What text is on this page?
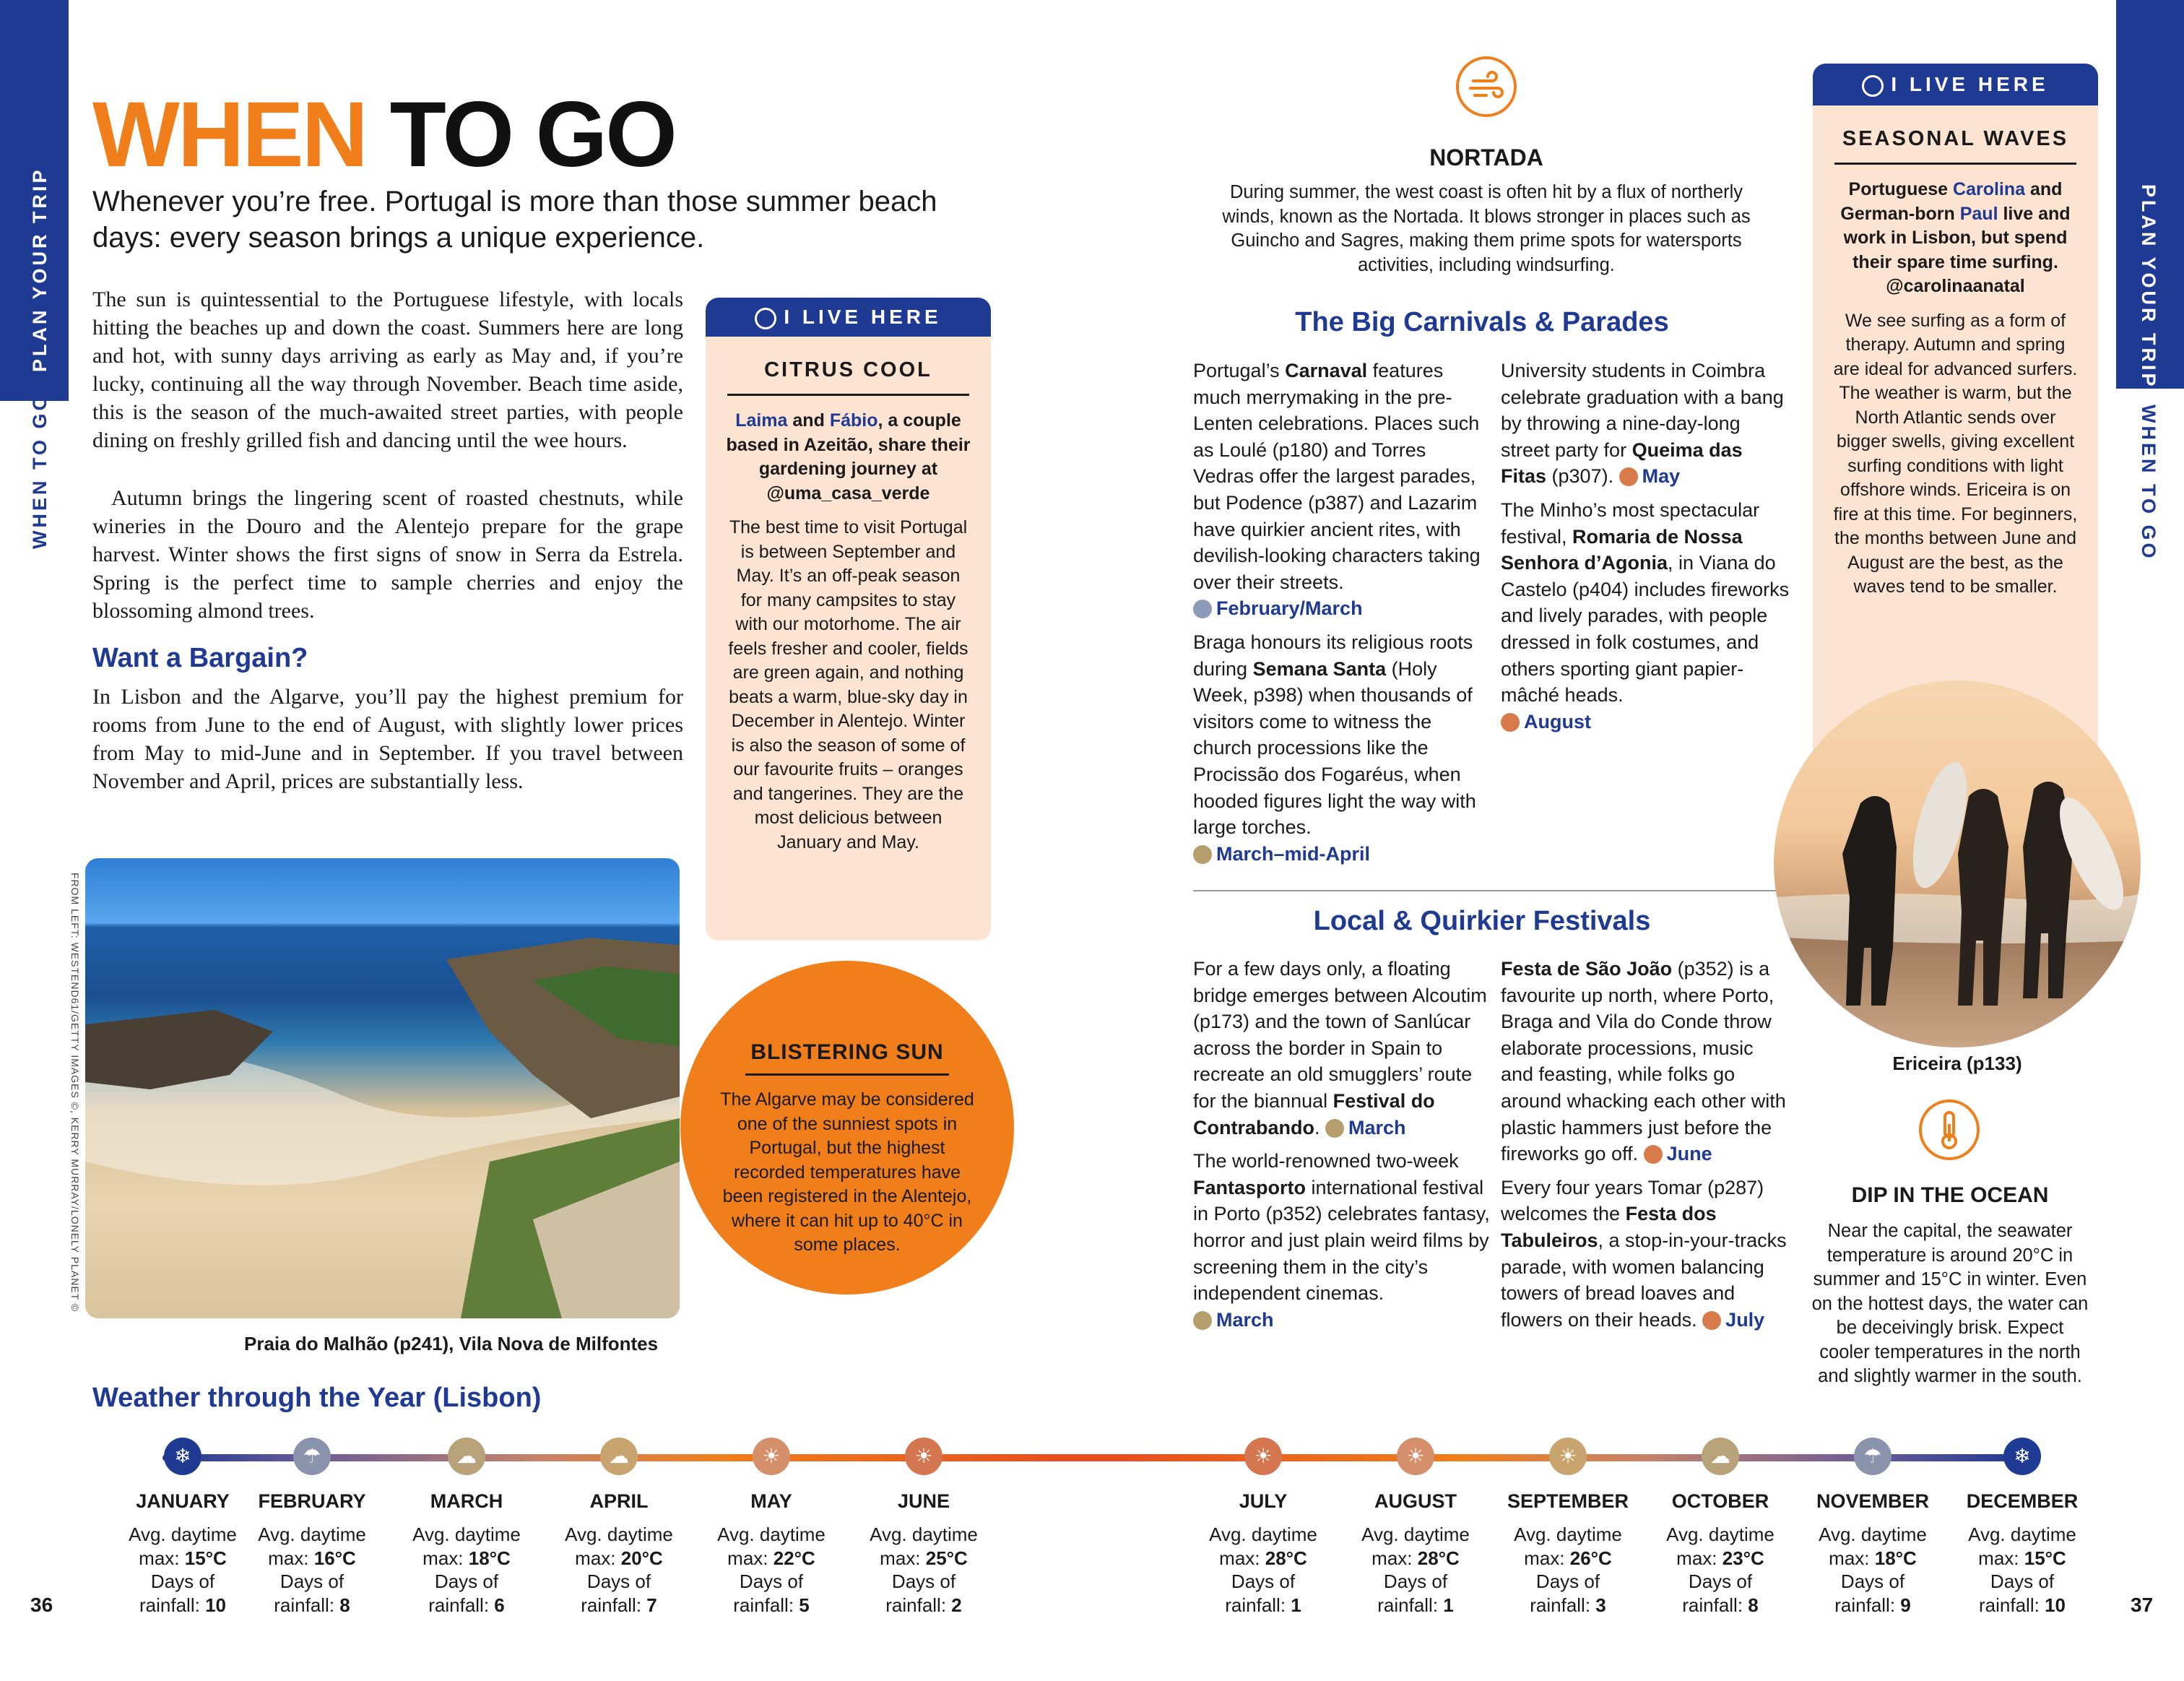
PLAN YOUR TRIP
WHEN TO GO
PLAN YOUR TRIP
WHEN TO GO
WHEN TO GO
Whenever you’re free. Portugal is more than those summer beach days: every season brings a unique experience.
The sun is quintessential to the Portuguese lifestyle, with locals hitting the beaches up and down the coast. Summers here are long and hot, with sunny days arriving as early as May and, if you’re lucky, continuing all the way through November. Beach time aside, this is the season of the much-awaited street parties, with people dining on freshly grilled fish and dancing until the wee hours.
Autumn brings the lingering scent of roasted chestnuts, while wineries in the Douro and the Alentejo prepare for the grape harvest. Winter shows the first signs of snow in Serra da Estrela. Spring is the perfect time to sample cherries and enjoy the blossoming almond trees.
Want a Bargain?
In Lisbon and the Algarve, you’ll pay the highest premium for rooms from June to the end of August, with slightly lower prices from May to mid-June and in September. If you travel between November and April, prices are substantially less.
FROM LEFT: WESTEND61/GETTY IMAGES ©, KERRY MURRAY/LONELY PLANET ©
Praia do Malhão (p241), Vila Nova de Milfontes
I LIVE HERE
CITRUS COOL
Laima and Fábio, a couple based in Azeitão, share their gardening journey at @uma_casa_verde
The best time to visit Portugal is between September and May. It’s an off-peak season for many campsites to stay with our motorhome. The air feels fresher and cooler, fields are green again, and nothing beats a warm, blue-sky day in December in Alentejo. Winter is also the season of some of our favourite fruits – oranges and tangerines. They are the most delicious between January and May.
BLISTERING SUN
The Algarve may be considered one of the sunniest spots in Portugal, but the highest recorded temperatures have been registered in the Alentejo, where it can hit up to 40°C in some places.
NORTADA
During summer, the west coast is often hit by a flux of northerly winds, known as the Nortada. It blows stronger in places such as Guincho and Sagres, making them prime spots for watersports activities, including windsurfing.
The Big Carnivals & Parades

Portugal’s Carnaval features much merrymaking in the pre-Lenten celebrations. Places such as Loulé (p180) and Torres Vedras offer the largest parades, but Podence (p387) and Lazarim have quirkier ancient rites, with devilish-looking characters taking over their streets.
February/March

Braga honours its religious roots during Semana Santa (Holy Week, p398) when thousands of visitors come to witness the church processions like the Procissão dos Fogaréus, when hooded figures light the way with large torches.
March–mid-April

University students in Coimbra celebrate graduation with a bang by throwing a nine-day-long street party for Queima das Fitas (p307). May

The Minho’s most spectacular festival, Romaria de Nossa Senhora d’Agonia, in Viana do Castelo (p404) includes fireworks and lively parades, with people dressed in folk costumes, and others sporting giant papier-mâché heads.
August

Local & Quirkier Festivals

For a few days only, a floating bridge emerges between Alcoutim (p173) and the town of Sanlúcar across the border in Spain to recreate an old smugglers’ route for the biannual Festival do Contrabando. March

The world-renowned two-week Fantasporto international festival in Porto (p352) celebrates fantasy, horror and just plain weird films by screening them in the city’s independent cinemas.
March

Festa de São João (p352) is a favourite up north, where Porto, Braga and Vila do Conde throw elaborate processions, music and feasting, while folks go around whacking each other with plastic hammers just before the fireworks go off. June

Every four years Tomar (p287) welcomes the Festa dos Tabuleiros, a stop-in-your-tracks parade, with women balancing towers of bread loaves and flowers on their heads. July

I LIVE HERE
SEASONAL WAVES
Portuguese Carolina and German-born Paul live and work in Lisbon, but spend their spare time surfing. @carolinaanatal
We see surfing as a form of therapy. Autumn and spring are ideal for advanced surfers. The weather is warm, but the North Atlantic sends over bigger swells, giving excellent surfing conditions with light offshore winds. Ericeira is on fire at this time. For beginners, the months between June and August are the best, as the waves tend to be smaller.
Ericeira (p133)
DIP IN THE OCEAN
Near the capital, the seawater temperature is around 20°C in summer and 15°C in winter. Even on the hottest days, the water can be deceivingly brisk. Expect cooler temperatures in the north and slightly warmer in the south.
Weather through the Year (Lisbon)
❄
JANUARY
Avg. daytime
max: 15°C
Days of
rainfall: 10
☂
FEBRUARY
Avg. daytime
max: 16°C
Days of
rainfall: 8
☁
MARCH
Avg. daytime
max: 18°C
Days of
rainfall: 6
☁
APRIL
Avg. daytime
max: 20°C
Days of
rainfall: 7
☀
MAY
Avg. daytime
max: 22°C
Days of
rainfall: 5
☀
JUNE
Avg. daytime
max: 25°C
Days of
rainfall: 2
☀
JULY
Avg. daytime
max: 28°C
Days of
rainfall: 1
☀
AUGUST
Avg. daytime
max: 28°C
Days of
rainfall: 1
☀
SEPTEMBER
Avg. daytime
max: 26°C
Days of
rainfall: 3
☁
OCTOBER
Avg. daytime
max: 23°C
Days of
rainfall: 8
☂
NOVEMBER
Avg. daytime
max: 18°C
Days of
rainfall: 9
❄
DECEMBER
Avg. daytime
max: 15°C
Days of
rainfall: 10
36	37
